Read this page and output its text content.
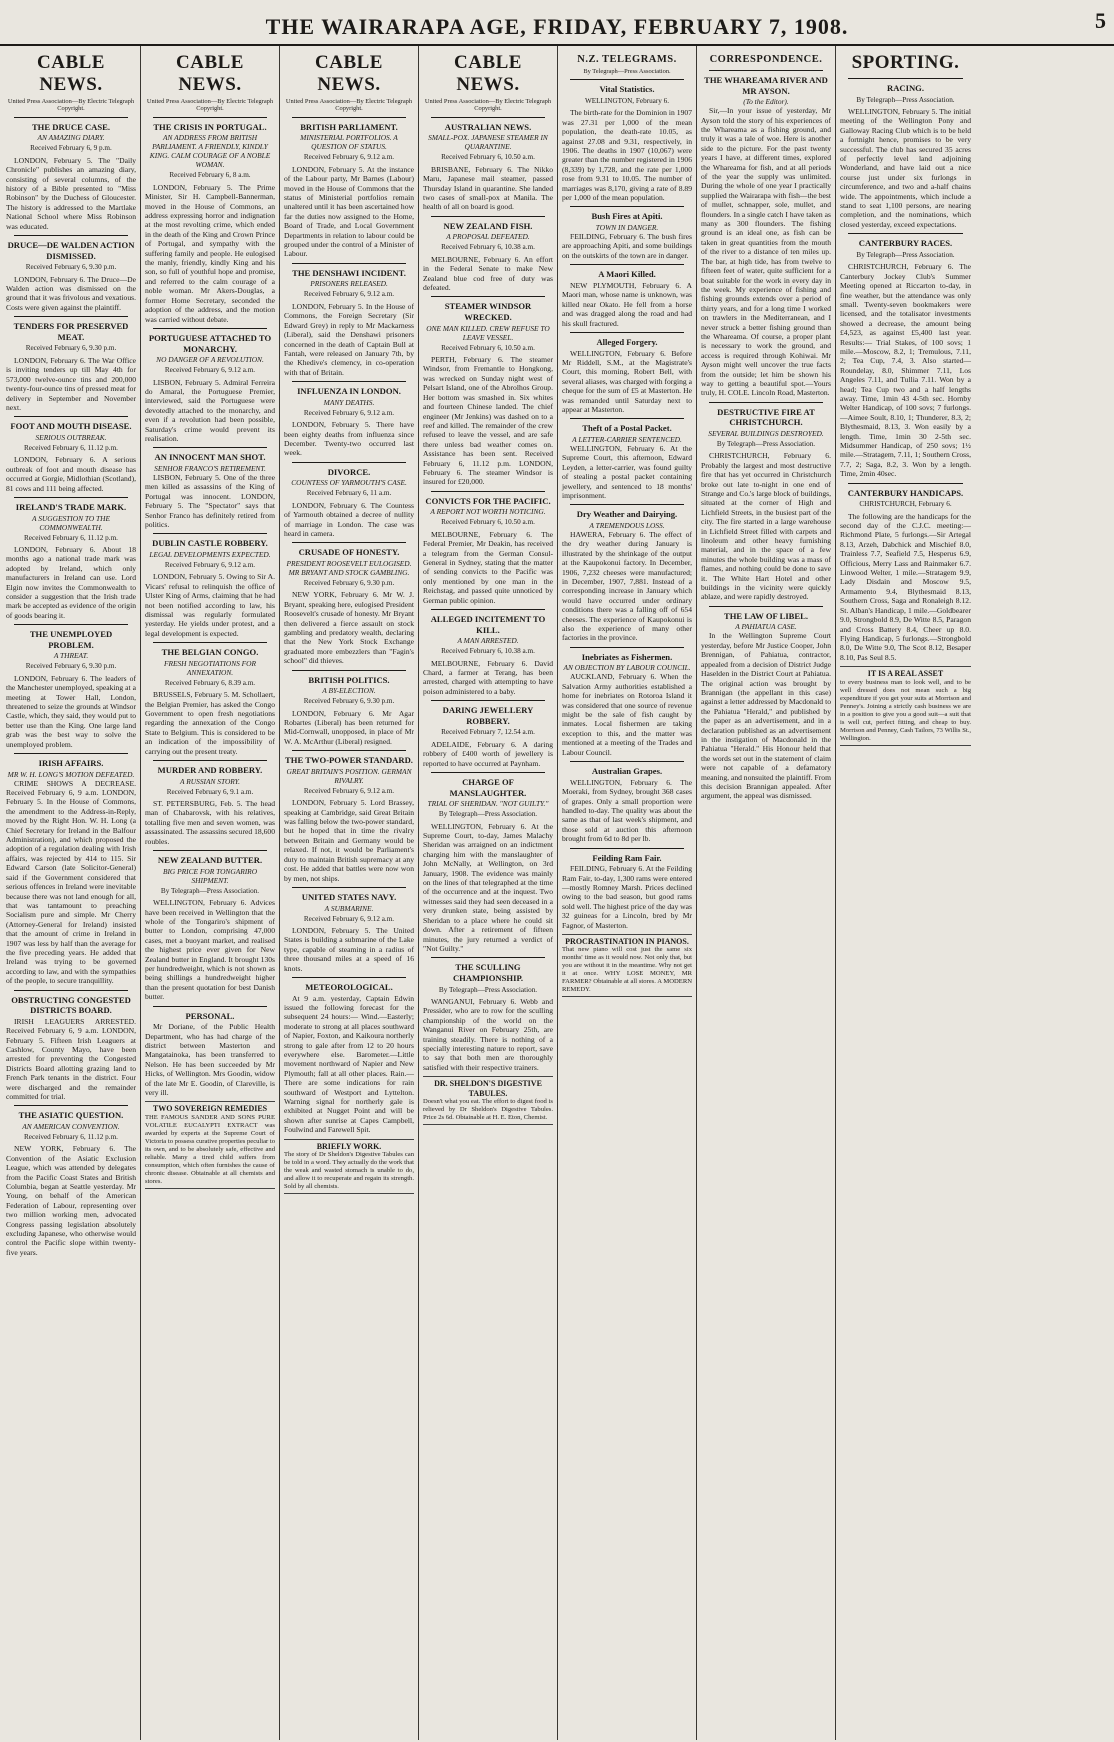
THE WAIRARAPA AGE, FRIDAY, FEBRUARY 7, 1908.	5
CABLE NEWS.
United Press Association—By Electric Telegraph Copyright.
THE DRUCE CASE.
AN AMAZING DIARY.
Received February 6, 9 p.m.
LONDON, February 5. The "Daily Chronicle" publishes an amazing diary, consisting of several columns, of the history of a Bible presented to "Miss Robinson" by the Duchess of Gloucester. The history is addressed to the Martlake National School where Miss Robinson was educated.
DRUCE—DE WALDEN ACTION DISMISSED.
Received February 6, 9.30 p.m.
LONDON, February 6. The Druce—De Walden action was dismissed on the ground that it was frivolous and vexatious. Costs were given against the plaintiff.
TENDERS FOR PRESERVED MEAT.
Received February 6, 9.30 p.m.
LONDON, February 6. The War Office is inviting tenders up till May 4th for 573,000 twelve-ounce tins and 200,000 twenty-four-ounce tins of pressed meat for delivery in September and November next.
FOOT AND MOUTH DISEASE.
SERIOUS OUTBREAK.
Received February 6, 11.12 p.m.
LONDON, February 6. A serious outbreak of foot and mouth disease has occurred at Gorgie, Midlothian (Scotland), 81 cows and 111 being affected.
IRELAND'S TRADE MARK.
A SUGGESTION TO THE COMMONWEALTH.
Received February 6, 11.12 p.m.
LONDON, February 6. About 18 months ago a national trade mark was adopted by Ireland, which only manufacturers in Ireland can use. Lord Elgin now invites the Commonwealth to consider a suggestion that the Irish trade mark be accepted as evidence of the origin of goods bearing it.
THE UNEMPLOYED PROBLEM.
A THREAT.
Received February 6, 9.30 p.m.
LONDON, February 6. The leaders of the Manchester unemployed, speaking at a meeting at Tower Hall, London, threatened to seize the grounds at Windsor Castle, which, they said, they would put to better use than the King. One large land grab was the best way to solve the unemployed problem.
IRISH AFFAIRS.
MR W. H. LONG'S MOTION DEFEATED.
CRIME SHOWS A DECREASE. Received February 6, 9 a.m. LONDON, February 5. In the House of Commons, the amendment to the Address-in-Reply, moved by the Right Hon. W. H. Long (a Chief Secretary for Ireland in the Balfour Administration), and which proposed the adoption of a regulation dealing with Irish affairs, was rejected by 414 to 115. Sir Edward Carson (late Solicitor-General) said if the Government considered that serious offences in Ireland were inevitable because there was not land enough for all, that was tantamount to preaching Socialism pure and simple. Mr Cherry (Attorney-General for Ireland) insisted that the amount of crime in Ireland in 1907 was less by half than the average for the five preceding years. He added that Ireland was trying to be governed according to law, and with the sympathies of the people, to secure tranquillity.
OBSTRUCTING CONGESTED DISTRICTS BOARD.
IRISH LEAGUERS ARRESTED. Received February 6, 9 a.m. LONDON, February 5. Fifteen Irish Leaguers at Cashlow, County Mayo, have been arrested for preventing the Congested Districts Board allotting grazing land to French Park tenants in the district. Four were discharged and the remainder committed for trial.
THE ASIATIC QUESTION.
AN AMERICAN CONVENTION.
Received February 6, 11.12 p.m.
NEW YORK, February 6. The Convention of the Asiatic Exclusion League, which was attended by delegates from the Pacific Coast States and British Columbia, began at Seattle yesterday. Mr Young, on behalf of the American Federation of Labour, representing over two million working men, advocated Congress passing legislation absolutely excluding Japanese, who otherwise would control the Pacific slope within twenty-five years.
CABLE NEWS.
United Press Association—By Electric Telegraph Copyright.
THE CRISIS IN PORTUGAL.
AN ADDRESS FROM BRITISH PARLIAMENT. A FRIENDLY, KINDLY KING. CALM COURAGE OF A NOBLE WOMAN.
Received February 6, 8 a.m.
LONDON, February 5. The Prime Minister, Sir H. Campbell-Bannerman, moved in the House of Commons, an address expressing horror and indignation at the most revolting crime, which ended in the death of the King and Crown Prince of Portugal, and sympathy with the suffering family and people. He eulogised the manly, friendly, kindly King and his son, so full of youthful hope and promise, and referred to the calm courage of a noble woman. Mr Akers-Douglas, a former Home Secretary, seconded the adoption of the address, and the motion was carried without debate.
PORTUGUESE ATTACHED TO MONARCHY.
NO DANGER OF A REVOLUTION.
Received February 6, 9.12 a.m.
LISBON, February 5. Admiral Ferreira do Amaral, the Portuguese Premier, interviewed, said the Portuguese were devotedly attached to the monarchy, and even if a revolution had been possible, Saturday's crime would prevent its realisation.
AN INNOCENT MAN SHOT.
SENHOR FRANCO'S RETIREMENT.
LISBON, February 5. One of the three men killed as assassins of the King of Portugal was innocent. LONDON, February 5. The "Spectator" says that Senhor Franco has definitely retired from politics.
DUBLIN CASTLE ROBBERY.
LEGAL DEVELOPMENTS EXPECTED.
Received February 6, 9.12 a.m.
LONDON, February 5. Owing to Sir A. Vicars' refusal to relinquish the office of Ulster King of Arms, claiming that he had not been notified according to law, his dismissal was regularly formulated yesterday. He yields under protest, and a legal development is expected.
THE BELGIAN CONGO.
FRESH NEGOTIATIONS FOR ANNEXATION.
Received February 6, 8.39 a.m.
BRUSSELS, February 5. M. Schollaert, the Belgian Premier, has asked the Congo Government to open fresh negotiations regarding the annexation of the Congo State to Belgium. This is considered to be an indication of the impossibility of carrying out the present treaty.
MURDER AND ROBBERY.
A RUSSIAN STORY.
Received February 6, 9.1 a.m.
ST. PETERSBURG, Feb. 5. The head man of Chabarovsk, with his relatives, totalling five men and seven women, was assassinated. The assassins secured 18,600 roubles.
NEW ZEALAND BUTTER.
BIG PRICE FOR TONGARIRO SHIPMENT.
By Telegraph—Press Association.
WELLINGTON, February 6. Advices have been received in Wellington that the whole of the Tongariro's shipment of butter to London, comprising 47,000 cases, met a buoyant market, and realised the highest price ever given for New Zealand butter in England. It brought 130s per hundredweight, which is not shown as being shillings a hundredweight higher than the present quotation for best Danish butter.
PERSONAL.
Mr Doriane, of the Public Health Department, who has had charge of the district between Masterton and Mangatainoka, has been transferred to Nelson. He has been succeeded by Mr Hicks, of Wellington. Mrs Goodin, widow of the late Mr E. Goodin, of Clareville, is very ill.
TWO SOVEREIGN REMEDIES
THE FAMOUS SANDER AND SONS PURE VOLATILE EUCALYPTI EXTRACT was awarded by experts at the Supreme Court of Victoria to possess curative properties peculiar to its own, and to be absolutely safe, effective and reliable. Many a tired child suffers from consumption, which often furnishes the cause of chronic disease. Obtainable at all chemists and stores.
CABLE NEWS.
United Press Association—By Electric Telegraph Copyright.
BRITISH PARLIAMENT.
MINISTERIAL PORTFOLIOS. A QUESTION OF STATUS.
Received February 6, 9.12 a.m.
LONDON, February 5. At the instance of the Labour party, Mr Barnes (Labour) moved in the House of Commons that the status of Ministerial portfolios remain unaltered until it has been ascertained how far the duties now assigned to the Home, Board of Trade, and Local Government Departments in relation to labour could be grouped under the control of a Minister of Labour.
THE DENSHAWI INCIDENT.
PRISONERS RELEASED.
Received February 6, 9.12 a.m.
LONDON, February 5. In the House of Commons, the Foreign Secretary (Sir Edward Grey) in reply to Mr Mackarness (Liberal), said the Denshawi prisoners concerned in the death of Captain Bull at Fantah, were released on January 7th, by the Khedive's clemency, in co-operation with that of Britain.
INFLUENZA IN LONDON.
MANY DEATHS.
Received February 6, 9.12 a.m.
LONDON, February 5. There have been eighty deaths from influenza since December. Twenty-two occurred last week.
DIVORCE.
COUNTESS OF YARMOUTH'S CASE.
Received February 6, 11 a.m.
LONDON, February 6. The Countess of Yarmouth obtained a decree of nullity of marriage in London. The case was heard in camera.
CRUSADE OF HONESTY.
PRESIDENT ROOSEVELT EULOGISED. MR BRYANT AND STOCK GAMBLING.
Received February 6, 9.30 p.m.
NEW YORK, February 6. Mr W. J. Bryant, speaking here, eulogised President Roosevelt's crusade of honesty. Mr Bryant then delivered a fierce assault on stock gambling and predatory wealth, declaring that the New York Stock Exchange graduated more embezzlers than "Fagin's school" did thieves.
BRITISH POLITICS.
A BY-ELECTION.
Received February 6, 9.30 p.m.
LONDON, February 6. Mr Agar Robartes (Liberal) has been returned for Mid-Cornwall, unopposed, in place of Mr W. A. McArthur (Liberal) resigned.
THE TWO-POWER STANDARD.
GREAT BRITAIN'S POSITION. GERMAN RIVALRY.
Received February 6, 9.12 a.m.
LONDON, February 5. Lord Brassey, speaking at Cambridge, said Great Britain was falling below the two-power standard, but he hoped that in time the rivalry between Britain and Germany would be relaxed. If not, it would be Parliament's duty to maintain British supremacy at any cost. He added that battles were now won by men, not ships.
UNITED STATES NAVY.
A SUBMARINE.
Received February 6, 9.12 a.m.
LONDON, February 5. The United States is building a submarine of the Lake type, capable of steaming in a radius of three thousand miles at a speed of 16 knots.
METEOROLOGICAL.
At 9 a.m. yesterday, Captain Edwin issued the following forecast for the subsequent 24 hours:— Wind.—Easterly; moderate to strong at all places southward of Napier, Foxton, and Kaikoura northerly strong to gale after from 12 to 20 hours everywhere else. Barometer.—Little movement northward of Napier and New Plymouth; fall at all other places. Rain.—There are some indications for rain southward of Westport and Lyttelton. Warning signal for northerly gale is exhibited at Nugget Point and will be shown after sunrise at Capes Campbell, Foulwind and Farewell Spit.
BRIEFLY WORK.
The story of Dr Sheldon's Digestive Tabules can be told in a word. They actually do the work that the weak and wasted stomach is unable to do, and allow it to recuperate and regain its strength. Sold by all chemists.
CABLE NEWS.
United Press Association—By Electric Telegraph Copyright.
AUSTRALIAN NEWS.
SMALL-POX. JAPANESE STEAMER IN QUARANTINE.
Received February 6, 10.50 a.m.
BRISBANE, February 6. The Nikko Maru, Japanese mail steamer, passed Thursday Island in quarantine. She landed two cases of small-pox at Manila. The health of all on board is good.
NEW ZEALAND FISH.
A PROPOSAL DEFEATED.
Received February 6, 10.38 a.m.
MELBOURNE, February 6. An effort in the Federal Senate to make New Zealand blue cod free of duty was defeated.
STEAMER WINDSOR WRECKED.
ONE MAN KILLED. CREW REFUSE TO LEAVE VESSEL.
Received February 6, 10.50 a.m.
PERTH, February 6. The steamer Windsor, from Fremantle to Hongkong, was wrecked on Sunday night west of Pelsart Island, one of the Abrolhos Group. Her bottom was smashed in. Six whites and fourteen Chinese landed. The chief engineer (Mr Jenkins) was dashed on to a reef and killed. The remainder of the crew refused to leave the vessel, and are safe there unless bad weather comes on. Assistance has been sent. Received February 6, 11.12 p.m. LONDON, February 6. The steamer Windsor is insured for £20,000.
CONVICTS FOR THE PACIFIC.
A REPORT NOT WORTH NOTICING.
Received February 6, 10.50 a.m.
MELBOURNE, February 6. The Federal Premier, Mr Deakin, has received a telegram from the German Consul-General in Sydney, stating that the matter of sending convicts to the Pacific was only mentioned by one man in the Reichstag, and passed quite unnoticed by German public opinion.
ALLEGED INCITEMENT TO KILL.
A MAN ARRESTED.
Received February 6, 10.38 a.m.
MELBOURNE, February 6. David Chard, a farmer at Terang, has been arrested, charged with attempting to have poison administered to a baby.
DARING JEWELLERY ROBBERY.
Received February 7, 12.54 a.m.
ADELAIDE, February 6. A daring robbery of £400 worth of jewellery is reported to have occurred at Paynham.
CHARGE OF MANSLAUGHTER.
TRIAL OF SHERIDAN. "NOT GUILTY."
By Telegraph—Press Association.
WELLINGTON, February 6. At the Supreme Court, to-day, James Malachy Sheridan was arraigned on an indictment charging him with the manslaughter of John McNally, at Wellington, on 3rd January, 1908. The evidence was mainly on the lines of that telegraphed at the time of the occurrence and at the inquest. Two witnesses said they had seen deceased in a very drunken state, being assisted by Sheridan to a place where he could sit down. After a retirement of fifteen minutes, the jury returned a verdict of "Not Guilty."
THE SCULLING CHAMPIONSHIP.
By Telegraph—Press Association.
WANGANUI, February 6. Webb and Pressider, who are to row for the sculling championship of the world on the Wanganui River on February 25th, are training steadily. There is nothing of a specially interesting nature to report, save to say that both men are thoroughly satisfied with their respective trainers.
DR. SHELDON'S DIGESTIVE TABULES.
Doesn't what you eat. The effort to digest food is relieved by Dr Sheldon's Digestive Tabules. Price 2s 6d. Obtainable at H. E. Eton, Chemist.
N.Z. TELEGRAMS.
By Telegraph—Press Association.
Vital Statistics.
WELLINGTON, February 6.
The birth-rate for the Dominion in 1907 was 27.31 per 1,000 of the mean population, the death-rate 10.05, as against 27.08 and 9.31, respectively, in 1906. The deaths in 1907 (10,067) were greater than the number registered in 1906 (8,339) by 1,728, and the rate per 1,000 rose from 9.31 to 10.05. The number of marriages was 8,170, giving a rate of 8.89 per 1,000 of the mean population.
Bush Fires at Apiti.
TOWN IN DANGER.
FEILDING, February 6. The bush fires are approaching Apiti, and some buildings on the outskirts of the town are in danger.
A Maori Killed.
NEW PLYMOUTH, February 6. A Maori man, whose name is unknown, was killed near Okato. He fell from a horse and was dragged along the road and had his skull fractured.
Alleged Forgery.
WELLINGTON, February 6. Before Mr Riddell, S.M., at the Magistrate's Court, this morning, Robert Bell, with several aliases, was charged with forging a cheque for the sum of £5 at Masterton. He was remanded until Saturday next to appear at Masterton.
Theft of a Postal Packet.
A LETTER-CARRIER SENTENCED.
WELLINGTON, February 6. At the Supreme Court, this afternoon, Edward Leyden, a letter-carrier, was found guilty of stealing a postal packet containing jewellery, and sentenced to 18 months' imprisonment.
Dry Weather and Dairying.
A TREMENDOUS LOSS.
HAWERA, February 6. The effect of the dry weather during January is illustrated by the shrinkage of the output at the Kaupokonui factory. In December, 1906, 7,232 cheeses were manufactured; in December, 1907, 7,881. Instead of a corresponding increase in January which would have occurred under ordinary conditions there was a falling off of 654 cheeses. The experience of Kaupokonui is also the experience of many other factories in the province.
Inebriates as Fishermen.
AN OBJECTION BY LABOUR COUNCIL.
AUCKLAND, February 6. When the Salvation Army authorities established a home for inebriates on Rotoroa Island it was considered that one source of revenue might be the sale of fish caught by inmates. Local fishermen are taking exception to this, and the matter was mentioned at a meeting of the Trades and Labour Council.
Australian Grapes.
WELLINGTON, February 6. The Moeraki, from Sydney, brought 368 cases of grapes. Only a small proportion were handled to-day. The quality was about the same as that of last week's shipment, and those sold at auction this afternoon brought from 6d to 8d per lb.
Feilding Ram Fair.
FEILDING, February 6. At the Feilding Ram Fair, to-day, 1,300 rams were entered—mostly Romney Marsh. Prices declined owing to the bad season, but good rams sold well. The highest price of the day was 32 guineas for a Lincoln, bred by Mr Fagnor, of Masterton.
PROCRASTINATION IN PIANOS.
That new piano will cost just the same six months' time as it would now. Not only that, but you are without it in the meantime. Why not get it at once. WHY LOSE MONEY, MR FARMER? Obtainable at all stores. A MODERN REMEDY.
CORRESPONDENCE.
THE WHAREAMA RIVER AND MR AYSON.
(To the Editor).
Sir,—In your issue of yesterday, Mr Ayson told the story of his experiences of the Whareama as a fishing ground, and truly it was a tale of woe. Here is another side to the picture. For the past twenty years I have, at different times, explored the Whareama for fish, and at all periods of the year the supply was unlimited. During the whole of one year I practically supplied the Wairarapa with fish—the best of mullet, schnapper, sole, mullet, and flounders. In a single catch I have taken as many as 300 flounders. The fishing ground is an ideal one, as fish can be taken in great quantities from the mouth of the river to a distance of ten miles up. The bar, at high tide, has from twelve to fifteen feet of water, quite sufficient for a boat suitable for the work in every day in the week. My experience of fishing and fishing grounds extends over a period of thirty years, and for a long time I worked on trawlers in the Mediterranean, and I never struck a better fishing ground than the Whareama. Of course, a proper plant is necessary to work the ground, and access is required through Kohiwai. Mr Ayson might well uncover the true facts from the outside; let him be shown his way to getting a beautiful spot.—Yours truly, H. COLE. Lincoln Road, Masterton.
DESTRUCTIVE FIRE AT CHRISTCHURCH.
SEVERAL BUILDINGS DESTROYED.
By Telegraph—Press Association.
CHRISTCHURCH, February 6. Probably the largest and most destructive fire that has yet occurred in Christchurch broke out late to-night in one end of Strange and Co.'s large block of buildings, situated at the corner of High and Lichfield Streets, in the busiest part of the city. The fire started in a large warehouse in Lichfield Street filled with carpets and linoleum and other heavy furnishing material, and in the space of a few minutes the whole building was a mass of flames, and nothing could be done to save it. The White Hart Hotel and other buildings in the vicinity were quickly ablaze, and were rapidly destroyed.
THE LAW OF LIBEL.
A PAHIATUA CASE.
In the Wellington Supreme Court yesterday, before Mr Justice Cooper, John Brennigan, of Pahiatua, contractor, appealed from a decision of District Judge Haselden in the District Court at Pahiatua. The original action was brought by Brannigan (the appellant in this case) against a letter addressed by Macdonald to the Pahiatua "Herald," and published by the paper as an advertisement, and in a declaration published as an advertisement in the instigation of Macdonald in the Pahiatua "Herald." His Honour held that the words set out in the statement of claim were not capable of a defamatory meaning, and nonsuited the plaintiff. From this decision Brannigan appealed. After argument, the appeal was dismissed.
SPORTING.
RACING.
By Telegraph—Press Association.
WELLINGTON, February 5. The initial meeting of the Wellington Pony and Galloway Racing Club which is to be held a fortnight hence, promises to be very successful. The club has secured 35 acres of perfectly level land adjoining Wonderland, and have laid out a nice course just under six furlongs in circumference, and two and a-half chains wide. The appointments, which include a stand to seat 1,100 persons, are nearing completion, and the nominations, which closed yesterday, exceed expectations.
CANTERBURY RACES.
By Telegraph—Press Association.
CHRISTCHURCH, February 6. The Canterbury Jockey Club's Summer Meeting opened at Riccarton to-day, in fine weather, but the attendance was only small. Twenty-seven bookmakers were licensed, and the totalisator investments showed a decrease, the amount being £4,523, as against £5,400 last year. Results:— Trial Stakes, of 100 sovs; 1 mile.—Moscow, 8.2, 1; Tremulous, 7.11, 2; Tea Cup, 7.4, 3. Also started—Roundelay, 8.0, Shimmer 7.11, Los Angeles 7.11, and Tullia 7.11. Won by a head; Tea Cup two and a half lengths away. Time, 1min 43 4-5th sec. Hornby Welter Handicap, of 100 sovs; 7 furlongs.—Aimee Soult, 8.10, 1; Thunderer, 8.3, 2; Blythesmaid, 8.13, 3. Won easily by a length. Time, 1min 30 2-5th sec. Midsummer Handicap, of 250 sovs; 1½ mile.—Stratagem, 7.11, 1; Southern Cross, 7.7, 2; Saga, 8.2, 3. Won by a length. Time, 2min 40sec.
CANTERBURY HANDICAPS.
CHRISTCHURCH, February 6.
The following are the handicaps for the second day of the C.J.C. meeting:— Richmond Plate, 5 furlongs.—Sir Artegal 8.13, Arzeh, Dabchick and Mischief 8.0, Trainless 7.7, Seafield 7.5, Hesperus 6.9, Officious, Merry Lass and Rainmaker 6.7. Linwood Welter, 1 mile.—Stratagem 9.9, Lady Disdain and Moscow 9.5, Armamento 9.4, Blythesmaid 8.13, Southern Cross, Saga and Ronaleigh 8.12. St. Alban's Handicap, 1 mile.—Goldbearer 9.0, Strongbold 8.9, De Witte 8.5, Paragon and Cross Battery 8.4, Cheer up 8.0. Flying Handicap, 5 furlongs.—Strongbold 8.0, De Witte 9.0, The Scot 8.12, Besaper 8.10, Pas Seul 8.5.
IT IS A REAL ASSET
to every business man to look well, and to be well dressed does not mean such a big expenditure if you get your suits at Morrison and Penney's. Joining a strictly cash business we are in a position to give you a good suit—a suit that is well cut, perfect fitting, and cheap to buy. Morrison and Penney, Cash Tailors, 73 Willis St., Wellington.
